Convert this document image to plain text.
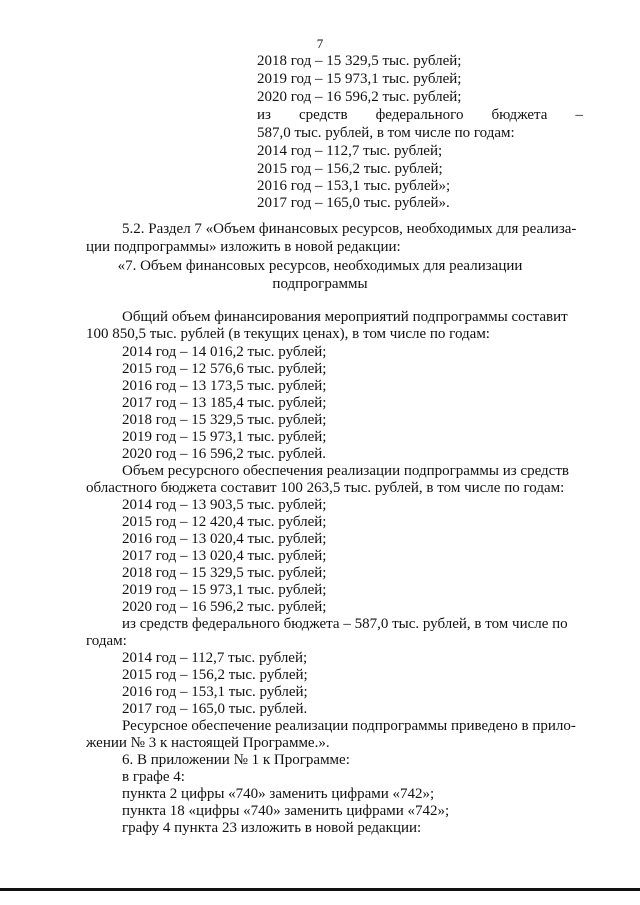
7
2018 год – 15 329,5 тыс. рублей;
2019 год – 15 973,1 тыс. рублей;
2020 год – 16 596,2 тыс. рублей;
из средств федерального бюджета –
587,0 тыс. рублей, в том числе по годам:
2014 год – 112,7 тыс. рублей;
2015 год – 156,2 тыс. рублей;
2016 год – 153,1 тыс. рублей»;
2017 год – 165,0 тыс. рублей».
5.2. Раздел 7 «Объем финансовых ресурсов, необходимых для реализа-
ции подпрограммы» изложить в новой редакции:
«7. Объем финансовых ресурсов, необходимых для реализации
подпрограммы
Общий объем финансирования мероприятий подпрограммы составит
100 850,5 тыс. рублей (в текущих ценах), в том числе по годам:
2014 год – 14 016,2 тыс. рублей;
2015 год – 12 576,6 тыс. рублей;
2016 год – 13 173,5 тыс. рублей;
2017 год – 13 185,4 тыс. рублей;
2018 год – 15 329,5 тыс. рублей;
2019 год – 15 973,1 тыс. рублей;
2020 год – 16 596,2 тыс. рублей.
Объем ресурсного обеспечения реализации подпрограммы из средств
областного бюджета составит 100 263,5 тыс. рублей, в том числе по годам:
2014 год – 13 903,5 тыс. рублей;
2015 год – 12 420,4 тыс. рублей;
2016 год – 13 020,4 тыс. рублей;
2017 год – 13 020,4 тыс. рублей;
2018 год – 15 329,5 тыс. рублей;
2019 год – 15 973,1 тыс. рублей;
2020 год – 16 596,2 тыс. рублей;
из средств федерального бюджета – 587,0 тыс. рублей, в том числе по
годам:
2014 год – 112,7 тыс. рублей;
2015 год – 156,2 тыс. рублей;
2016 год – 153,1 тыс. рублей;
2017 год – 165,0 тыс. рублей.
Ресурсное обеспечение реализации подпрограммы приведено в прило-
жении № 3 к настоящей Программе.».
6. В приложении № 1 к Программе:
в графе 4:
пункта 2 цифры «740» заменить цифрами «742»;
пункта 18 «цифры «740» заменить цифрами «742»;
графу 4 пункта 23 изложить в новой редакции:
